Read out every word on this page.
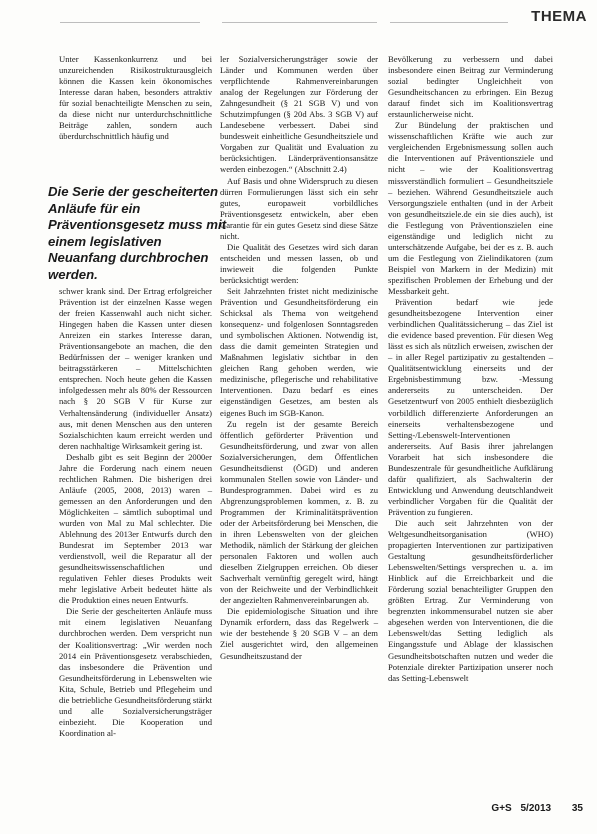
THEMA

Unter Kassenkonkurrenz und bei unzureichenden Risikostrukturausgleich können die Kassen kein ökonomisches Interesse daran haben, besonders attraktiv für sozial benachteiligte Menschen zu sein, da diese nicht nur unterdurchschnittliche Beiträge zahlen, sondern auch überdurchschnittlich häufig und

Die Serie der gescheiterten Anläufe für ein Präventionsgesetz muss mit einem legislativen Neuanfang durchbrochen werden.

schwer krank sind. Der Ertrag erfolgreicher Prävention ist der einzelnen Kasse wegen der freien Kassenwahl auch nicht sicher. Hingegen haben die Kassen unter diesen Anreizen ein starkes Interesse daran, Präventionsangebote an machen, die den Bedürfnissen der – weniger kranken und beitragsstärkeren – Mittelschichten entsprechen. Noch heute gehen die Kassen infolgedessen mehr als 80% der Ressourcen nach § 20 SGB V für Kurse zur Verhaltensänderung (individueller Ansatz) aus, mit denen Menschen aus den unteren Sozialschichten kaum erreicht werden und deren nachhaltige Wirksamkeit gering ist.

Deshalb gibt es seit Beginn der 2000er Jahre die Forderung nach einem neuen rechtlichen Rahmen. Die bisherigen drei Anläufe (2005, 2008, 2013) waren – gemessen an den Anforderungen und den Möglichkeiten – sämtlich suboptimal und wurden von Mal zu Mal schlechter. Die Ablehnung des 2013er Entwurfs durch den Bundesrat im September 2013 war verdienstvoll, weil die Reparatur all der gesundheitswissenschaftlichen und regulativen Fehler dieses Produkts weit mehr legislative Arbeit bedeutet hätte als die Produktion eines neuen Entwurfs.

Die Serie der gescheiterten Anläufe muss mit einem legislativen Neuanfang durchbrochen werden. Dem verspricht nun der Koalitionsvertrag: „Wir werden noch 2014 ein Präventionsgesetz verabschieden, das insbesondere die Prävention und Gesundheitsförderung in Lebenswelten wie Kita, Schule, Betrieb und Pflegeheim und die betriebliche Gesundheitsförderung stärkt und alle Sozialversicherungsträger einbezieht. Die Kooperation und Koordination al-

ler Sozialversicherungsträger sowie der Länder und Kommunen werden über verpflichtende Rahmenvereinbarungen analog der Regelungen zur Förderung der Zahngesundheit (§ 21 SGB V) und von Schutzimpfungen (§ 20d Abs. 3 SGB V) auf Landesebene verbessert. Dabei sind bundesweit einheitliche Gesundheitsziele und Vorgaben zur Qualität und Evaluation zu berücksichtigen. Länderpräventionsansätze werden einbezogen.“ (Abschnitt 2.4)

Auf Basis und ohne Widerspruch zu diesen dürren Formulierungen lässt sich ein sehr gutes, europaweit vorbildliches Präventionsgesetz entwickeln, aber eben Garantie für ein gutes Gesetz sind diese Sätze nicht.

Die Qualität des Gesetzes wird sich daran entscheiden und messen lassen, ob und inwieweit die folgenden Punkte berücksichtigt werden:

Seit Jahrzehnten fristet nicht medizinische Prävention und Gesundheitsförderung ein Schicksal als Thema von weitgehend konsequenz- und folgenlosen Sonntagsreden und symbolischen Aktionen. Notwendig ist, dass die damit gemeinten Strategien und Maßnahmen legislativ sichtbar in den gleichen Rang gehoben werden, wie medizinische, pflegerische und rehabilitative Interventionen. Dazu bedarf es eines eigenständigen Gesetzes, am besten als eigenes Buch im SGB-Kanon.

Zu regeln ist der gesamte Bereich öffentlich geförderter Prävention und Gesundheitsförderung, und zwar von allen Sozialversicherungen, dem Öffentlichen Gesundheitsdienst (ÖGD) und anderen kommunalen Stellen sowie von Länder- und Bundesprogrammen. Dabei wird es zu Abgrenzungsproblemen kommen, z. B. zu Programmen der Kriminalitätsprävention oder der Arbeitsförderung bei Menschen, die in ihren Lebenswelten von der gleichen Methodik, nämlich der Stärkung der gleichen personalen Faktoren und wollen auch dieselben Zielgruppen erreichen. Ob dieser Sachverhalt vernünftig geregelt wird, hängt von der Reichweite und der Verbindlichkeit der angezielten Rahmenvereinbarungen ab.

Die epidemiologische Situation und ihre Dynamik erfordern, dass das Regelwerk – wie der bestehende § 20 SGB V – an dem Ziel ausgerichtet wird, den allgemeinen Gesundheitszustand der

Bevölkerung zu verbessern und dabei insbesondere einen Beitrag zur Verminderung sozial bedingter Ungleichheit von Gesundheitschancen zu erbringen. Ein Bezug darauf findet sich im Koalitionsvertrag erstaunlicherweise nicht.

Zur Bündelung der praktischen und wissenschaftlichen Kräfte wie auch zur vergleichenden Ergebnismessung sollen auch die Interventionen auf Präventionsziele und nicht – wie der Koalitionsvertrag missverständlich formuliert – Gesundheitsziele – beziehen. Während Gesundheitsziele auch Versorgungsziele enthalten (und in der Arbeit von gesundheitsziele.de ein sie dies auch), ist die Festlegung von Präventionszielen eine eigenständige und lediglich nicht zu unterschätzende Aufgabe, bei der es z. B. auch um die Festlegung von Zielindikatoren (zum Beispiel von Markern in der Medizin) mit spezifischen Problemen der Erhebung und der Messbarkeit geht.

Prävention bedarf wie jede gesundheitsbezogene Intervention einer verbindlichen Qualitätssicherung – das Ziel ist die evidence based prevention. Für diesen Weg lässt es sich als nützlich erweisen, zwischen der – in aller Regel partizipativ zu gestaltenden – Qualitätsentwicklung einerseits und der Ergebnisbestimmung bzw. -Messung andererseits zu unterscheiden. Der Gesetzentwurf von 2005 enthielt diesbezüglich vorbildlich differenzierte Anforderungen an einerseits verhaltensbezogene und Setting-/Lebenswelt-Interventionen andererseits. Auf Basis ihrer jahrelangen Vorarbeit hat sich insbesondere die Bundeszentrale für gesundheitliche Aufklärung dafür qualifiziert, als Sachwalterin der Entwicklung und Anwendung deutschlandweit verbindlicher Vorgaben für die Qualität der Prävention zu fungieren.

Die auch seit Jahrzehnten von der Weltgesundheitsorganisation (WHO) propagierten Interventionen zur partizipativen Gestaltung gesundheitsförderlicher Lebenswelten/Settings versprechen u. a. im Hinblick auf die Erreichbarkeit und die Förderung sozial benachteiligter Gruppen den größten Ertrag. Zur Verminderung von begrenzten inkommensurabel nutzen sie aber abgesehen werden von Interventionen, die die Lebenswelt/das Setting lediglich als Eingangsstufe und Ablage der klassischen Gesundheitsbotschaften nutzen und weder die Potenziale direkter Partizipation unserer noch das Setting-Lebenswelt

G+S 5/2013 35
